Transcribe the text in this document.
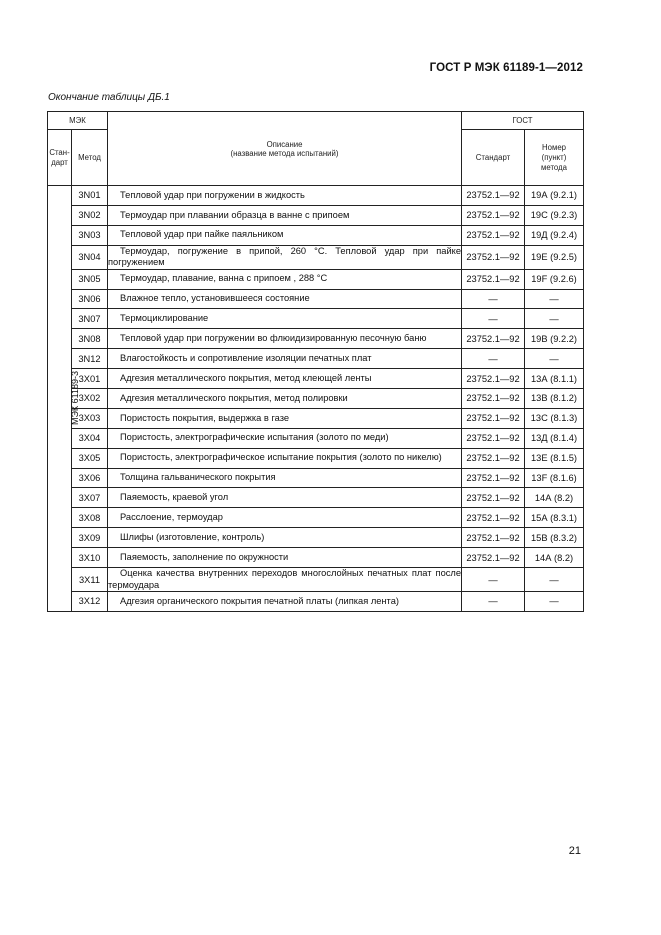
ГОСТ Р МЭК 61189-1—2012
Окончание таблицы ДБ.1
МЭК		Описание
(название метода испытаний)	ГОСТ	
Стан-
дарт	Метод		Стандарт	Номер
(пункт)
метода
МЭК 61189-3	3N01	Тепловой удар при погружении в жидкость	23752.1—92	19А (9.2.1)
	3N02	Термоудар при плавании образца в ванне с припоем	23752.1—92	19С (9.2.3)
	3N03	Тепловой удар при пайке паяльником	23752.1—92	19Д (9.2.4)
	3N04	Термоудар, погружение в припой, 260 °С. Тепловой удар при пайке погружением	23752.1—92	19Е (9.2.5)
	3N05	Термоудар, плавание, ванна с припоем , 288 °С	23752.1—92	19F (9.2.6)
	3N06	Влажное тепло, установившееся состояние	—	—
	3N07	Термоциклирование	—	—
	3N08	Тепловой удар при погружении во флюидизированную песочную баню	23752.1—92	19В (9.2.2)
	3N12	Влагостойкость и сопротивление изоляции печатных плат	—	—
	3X01	Адгезия металлического покрытия, метод клеющей ленты	23752.1—92	13А (8.1.1)
	3X02	Адгезия металлического покрытия, метод полировки	23752.1—92	13В (8.1.2)
	3X03	Пористость покрытия, выдержка в газе	23752.1—92	13С (8.1.3)
	3X04	Пористость, электрографические испытания (золото по меди)	23752.1—92	13Д (8.1.4)
	3X05	Пористость, электрографическое испытание покрытия (золото по никелю)	23752.1—92	13Е (8.1.5)
	3X06	Толщина гальванического покрытия	23752.1—92	13F (8.1.6)
	3X07	Паяемость, краевой угол	23752.1—92	14А (8.2)
	3X08	Расслоение, термоудар	23752.1—92	15А (8.3.1)
	3X09	Шлифы (изготовление, контроль)	23752.1—92	15В (8.3.2)
	3X10	Паяемость, заполнение по окружности	23752.1—92	14А (8.2)
	3X11	Оценка качества внутренних переходов многослойных печатных плат после термоудара	—	—
	3X12	Адгезия органического покрытия печатной платы (липкая лента)	—	—
21
